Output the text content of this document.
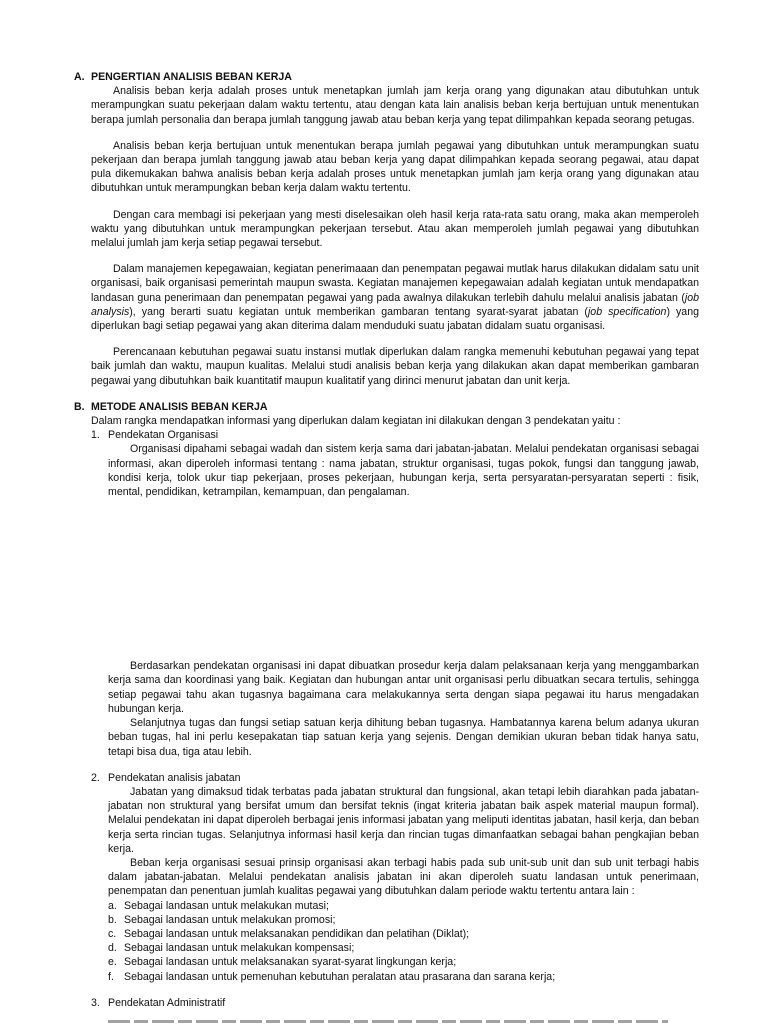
A. PENGERTIAN ANALISIS BEBAN KERJA

Analisis beban kerja adalah proses untuk menetapkan jumlah jam kerja orang yang digunakan atau dibutuhkan untuk merampungkan suatu pekerjaan dalam waktu tertentu, atau dengan kata lain analisis beban kerja bertujuan untuk menentukan berapa jumlah personalia dan berapa jumlah tanggung jawab atau beban kerja yang tepat dilimpahkan kepada seorang petugas.

Analisis beban kerja bertujuan untuk menentukan berapa jumlah pegawai yang dibutuhkan untuk merampungkan suatu pekerjaan dan berapa jumlah tanggung jawab atau beban kerja yang dapat dilimpahkan kepada seorang pegawai, atau dapat pula dikemukakan bahwa analisis beban kerja adalah proses untuk menetapkan jumlah jam kerja orang yang digunakan atau dibutuhkan untuk merampungkan beban kerja dalam waktu tertentu.

Dengan cara membagi isi pekerjaan yang mesti diselesaikan oleh hasil kerja rata-rata satu orang, maka akan memperoleh waktu yang dibutuhkan untuk merampungkan pekerjaan tersebut. Atau akan memperoleh jumlah pegawai yang dibutuhkan melalui jumlah jam kerja setiap pegawai tersebut.

Dalam manajemen kepegawaian, kegiatan penerimaaan dan penempatan pegawai mutlak harus dilakukan didalam satu unit organisasi, baik organisasi pemerintah maupun swasta. Kegiatan manajemen kepegawaian adalah kegiatan untuk mendapatkan landasan guna penerimaan dan penempatan pegawai yang pada awalnya dilakukan terlebih dahulu melalui analisis jabatan (job analysis), yang berarti suatu kegiatan untuk memberikan gambaran tentang syarat-syarat jabatan (job specification) yang diperlukan bagi setiap pegawai yang akan diterima dalam menduduki suatu jabatan didalam suatu organisasi.

Perencanaan kebutuhan pegawai suatu instansi mutlak diperlukan dalam rangka memenuhi kebutuhan pegawai yang tepat baik jumlah dan waktu, maupun kualitas. Melalui studi analisis beban kerja yang dilakukan akan dapat memberikan gambaran pegawai yang dibutuhkan baik kuantitatif maupun kualitatif yang dirinci menurut jabatan dan unit kerja.

B. METODE ANALISIS BEBAN KERJA

Dalam rangka mendapatkan informasi yang diperlukan dalam kegiatan ini dilakukan dengan 3 pendekatan yaitu :

1. Pendekatan Organisasi

Organisasi dipahami sebagai wadah dan sistem kerja sama dari jabatan-jabatan. Melalui pendekatan organisasi sebagai informasi, akan diperoleh informasi tentang : nama jabatan, struktur organisasi, tugas pokok, fungsi dan tanggung jawab, kondisi kerja, tolok ukur tiap pekerjaan, proses pekerjaan, hubungan kerja, serta persyaratan-persyaratan seperti : fisik, mental, pendidikan, ketrampilan, kemampuan, dan pengalaman.

Berdasarkan pendekatan organisasi ini dapat dibuatkan prosedur kerja dalam pelaksanaan kerja yang menggambarkan kerja sama dan koordinasi yang baik. Kegiatan dan hubungan antar unit organisasi perlu dibuatkan secara tertulis, sehingga setiap pegawai tahu akan tugasnya bagaimana cara melakukannya serta dengan siapa pegawai itu harus mengadakan hubungan kerja.

Selanjutnya tugas dan fungsi setiap satuan kerja dihitung beban tugasnya. Hambatannya karena belum adanya ukuran beban tugas, hal ini perlu kesepakatan tiap satuan kerja yang sejenis. Dengan demikian ukuran beban tidak hanya satu, tetapi bisa dua, tiga atau lebih.

2. Pendekatan analisis jabatan

Jabatan yang dimaksud tidak terbatas pada jabatan struktural dan fungsional, akan tetapi lebih diarahkan pada jabatan-jabatan non struktural yang bersifat umum dan bersifat teknis (ingat kriteria jabatan baik aspek material maupun formal). Melalui pendekatan ini dapat diperoleh berbagai jenis informasi jabatan yang meliputi identitas jabatan, hasil kerja, dan beban kerja serta rincian tugas. Selanjutnya informasi hasil kerja dan rincian tugas dimanfaatkan sebagai bahan pengkajian beban kerja.

Beban kerja organisasi sesuai prinsip organisasi akan terbagi habis pada sub unit-sub unit dan sub unit terbagi habis dalam jabatan-jabatan. Melalui pendekatan analisis jabatan ini akan diperoleh suatu landasan untuk penerimaan, penempatan dan penentuan jumlah kualitas pegawai yang dibutuhkan dalam periode waktu tertentu antara lain :

a. Sebagai landasan untuk melakukan mutasi;
b. Sebagai landasan untuk melakukan promosi;
c. Sebagai landasan untuk melaksanakan pendidikan dan pelatihan (Diklat);
d. Sebagai landasan untuk melakukan kompensasi;
e. Sebagai landasan untuk melaksanakan syarat-syarat lingkungan kerja;
f. Sebagai landasan untuk pemenuhan kebutuhan peralatan atau prasarana dan sarana kerja;
3. Pendekatan Administratif
